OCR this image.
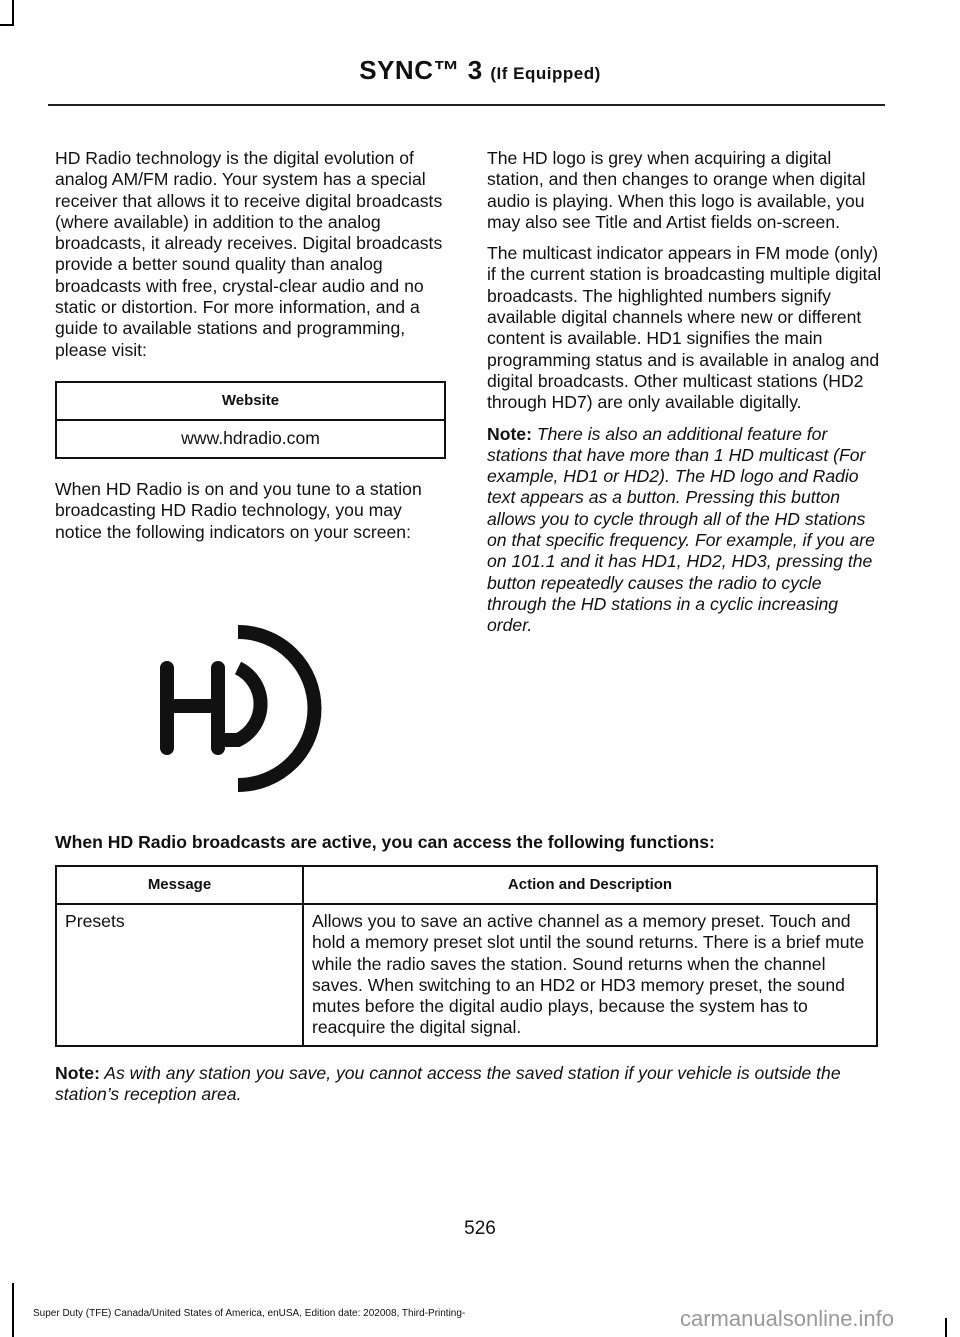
SYNC™ 3 (If Equipped)

HD Radio technology is the digital evolution of analog AM/FM radio. Your system has a special receiver that allows it to receive digital broadcasts (where available) in addition to the analog broadcasts, it already receives. Digital broadcasts provide a better sound quality than analog broadcasts with free, crystal-clear audio and no static or distortion. For more information, and a guide to available stations and programming, please visit:

Website
www.hdradio.com

When HD Radio is on and you tune to a station broadcasting HD Radio technology, you may notice the following indicators on your screen:

The HD logo is grey when acquiring a digital station, and then changes to orange when digital audio is playing. When this logo is available, you may also see Title and Artist fields on-screen.

The multicast indicator appears in FM mode (only) if the current station is broadcasting multiple digital broadcasts. The highlighted numbers signify available digital channels where new or different content is available. HD1 signifies the main programming status and is available in analog and digital broadcasts. Other multicast stations (HD2 through HD7) are only available digitally.

Note: There is also an additional feature for stations that have more than 1 HD multicast (For example, HD1 or HD2). The HD logo and Radio text appears as a button. Pressing this button allows you to cycle through all of the HD stations on that specific frequency. For example, if you are on 101.1 and it has HD1, HD2, HD3, pressing the button repeatedly causes the radio to cycle through the HD stations in a cyclic increasing order.

When HD Radio broadcasts are active, you can access the following functions:
Message	Action and Description
Presets	Allows you to save an active channel as a memory preset. Touch and hold a memory preset slot until the sound returns. There is a brief mute while the radio saves the station. Sound returns when the channel saves. When switching to an HD2 or HD3 memory preset, the sound mutes before the digital audio plays, because the system has to reacquire the digital signal.
Note: As with any station you save, you cannot access the saved station if your vehicle is outside the station’s reception area.
526
Super Duty (TFE) Canada/United States of America, enUSA, Edition date: 202008, Third-Printing-	carmanualsonline.info
